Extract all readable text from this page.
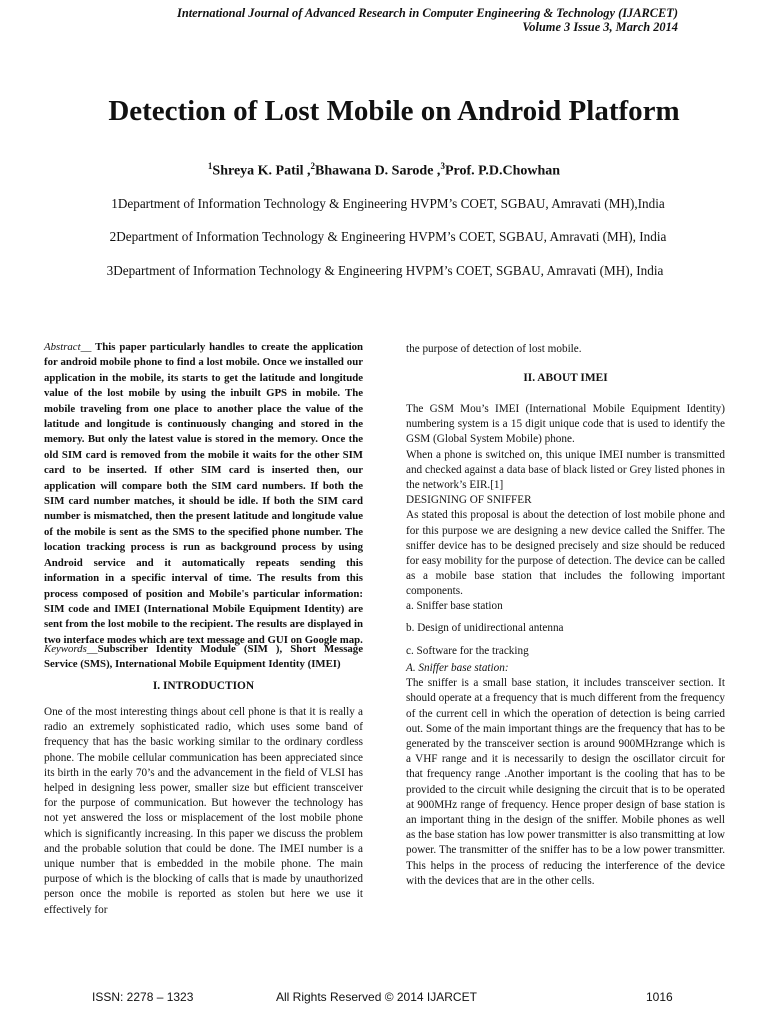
International Journal of Advanced Research in Computer Engineering & Technology (IJARCET)
Volume 3 Issue 3, March 2014
Detection of Lost Mobile on Android Platform
$^1$Shreya K. Patil ,$^2$Bhawana D. Sarode ,$^3$Prof. P.D.Chowhan
1Department of Information Technology & Engineering HVPM’s COET, SGBAU, Amravati (MH),India
2Department of Information Technology & Engineering HVPM’s COET, SGBAU, Amravati (MH), India
3Department of Information Technology & Engineering HVPM’s COET, SGBAU, Amravati (MH), India
Abstract__ This paper particularly handles to create the application for android mobile phone to find a lost mobile. Once we installed our application in the mobile, its starts to get the latitude and longitude value of the lost mobile by using the inbuilt GPS in mobile. The mobile traveling from one place to another place the value of the latitude and longitude is continuously changing and stored in the memory. But only the latest value is stored in the memory. Once the old SIM card is removed from the mobile it waits for the other SIM card to be inserted. If other SIM card is inserted then, our application will compare both the SIM card numbers. If both the SIM card number matches, it should be idle. If both the SIM card number is mismatched, then the present latitude and longitude value of the mobile is sent as the SMS to the specified phone number. The location tracking process is run as background process by using Android service and it automatically repeats sending this information in a specific interval of time. The results from this process composed of position and Mobile's particular information: SIM code and IMEI (International Mobile Equipment Identity) are sent from the lost mobile to the recipient. The results are displayed in two interface modes which are text message and GUI on Google map.
Keywords__Subscriber Identity Module (SIM ), Short Message Service (SMS), International Mobile Equipment Identity (IMEI)
I. INTRODUCTION
One of the most interesting things about cell phone is that it is really a radio an extremely sophisticated radio, which uses some band of frequency that has the basic working similar to the ordinary cordless phone. The mobile cellular communication has been appreciated since its birth in the early 70’s and the advancement in the field of VLSI has helped in designing less power, smaller size but efficient transceiver for the purpose of communication. But however the technology has not yet answered the loss or misplacement of the lost mobile phone which is significantly increasing. In this paper we discuss the problem and the probable solution that could be done. The IMEI number is a unique number that is embedded in the mobile phone. The main purpose of which is the blocking of calls that is made by unauthorized person once the mobile is reported as stolen but here we use it effectively for
the purpose of detection of lost mobile.
II. ABOUT IMEI

The GSM Mou’s IMEI (International Mobile Equipment Identity) numbering system is a 15 digit unique code that is used to identify the GSM (Global System Mobile) phone.

When a phone is switched on, this unique IMEI number is transmitted and checked against a data base of black listed or Grey listed phones in the network’s EIR.[1]

DESIGNING OF SNIFFER

As stated this proposal is about the detection of lost mobile phone and for this purpose we are designing a new device called the Sniffer. The sniffer device has to be designed precisely and size should be reduced for easy mobility for the purpose of detection. The device can be called as a mobile base station that includes the following important components.

a. Sniffer base station
b. Design of unidirectional antenna
c. Software for the tracking

A. Sniffer base station:

The sniffer is a small base station, it includes transceiver section. It should operate at a frequency that is much different from the frequency of the current cell in which the operation of detection is being carried out. Some of the main important things are the frequency that has to be generated by the transceiver section is around 900MHzrange which is a VHF range and it is necessarily to design the oscillator circuit for that frequency range .Another important is the cooling that has to be provided to the circuit while designing the circuit that is to be operated at 900MHz range of frequency. Hence proper design of base station is an important thing in the design of the sniffer. Mobile phones as well as the base station has low power transmitter is also transmitting at low power. The transmitter of the sniffer has to be a low power transmitter. This helps in the process of reducing the interference of the device with the devices that are in the other cells.

ISSN: 2278 – 1323	All Rights Reserved © 2014 IJARCET	1016
